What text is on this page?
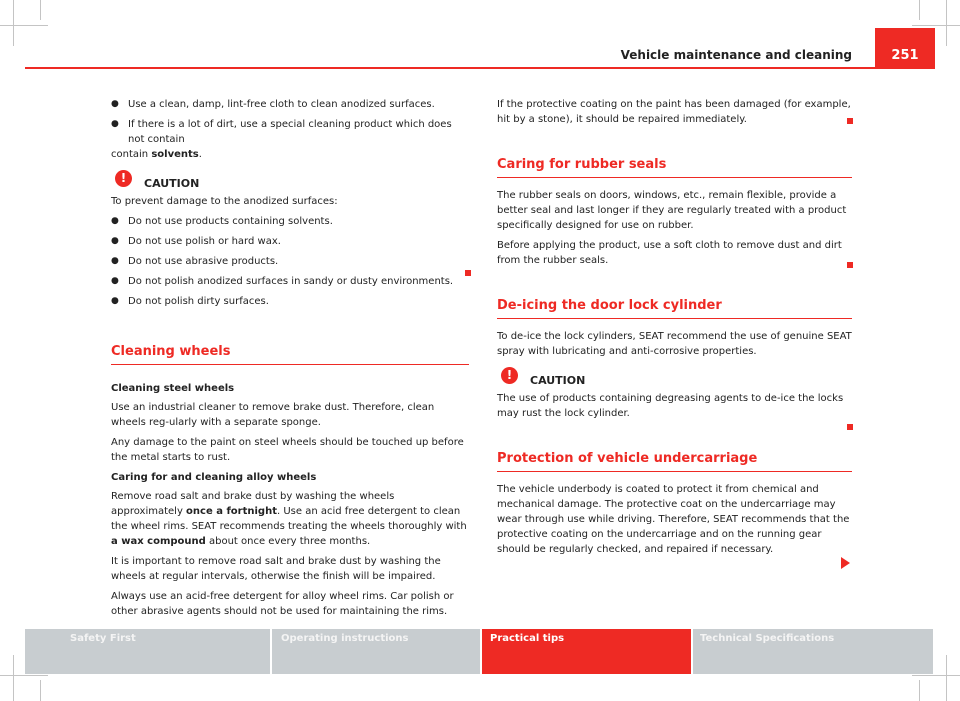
Vehicle maintenance and cleaning	251
● Use a clean, damp, lint-free cloth to clean anodized surfaces.
● If there is a lot of dirt, use a special cleaning product which does not contain
contain solvents.
!	CAUTION

To prevent damage to the anodized surfaces:

● Do not use products containing solvents.
● Do not use polish or hard wax.
● Do not use abrasive products.
● Do not polish anodized surfaces in sandy or dusty environments.
● Do not polish dirty surfaces.
Cleaning wheels

Cleaning steel wheels

Use an industrial cleaner to remove brake dust. Therefore, clean wheels reg-ularly with a separate sponge.

Any damage to the paint on steel wheels should be touched up before the metal starts to rust.

Caring for and cleaning alloy wheels

Remove road salt and brake dust by washing the wheels approximately once a fortnight. Use an acid free detergent to clean the wheel rims. SEAT recommends treating the wheels thoroughly with a wax compound about once every three months.

It is important to remove road salt and brake dust by washing the wheels at regular intervals, otherwise the finish will be impaired.

Always use an acid-free detergent for alloy wheel rims. Car polish or other abrasive agents should not be used for maintaining the rims.

If the protective coating on the paint has been damaged (for example, hit by a stone), it should be repaired immediately.

Caring for rubber seals

The rubber seals on doors, windows, etc., remain flexible, provide a better seal and last longer if they are regularly treated with a product specifically designed for use on rubber.

Before applying the product, use a soft cloth to remove dust and dirt from the rubber seals.

De-icing the door lock cylinder

To de-ice the lock cylinders, SEAT recommend the use of genuine SEAT spray with lubricating and anti-corrosive properties.

!	CAUTION

The use of products containing degreasing agents to de-ice the locks may rust the lock cylinder.

Protection of vehicle undercarriage

The vehicle underbody is coated to protect it from chemical and mechanical damage. The protective coat on the undercarriage may wear through use while driving. Therefore, SEAT recommends that the protective coating on the undercarriage and on the running gear should be regularly checked, and repaired if necessary.

Safety First	Operating instructions	Practical tips	Technical Specifications
